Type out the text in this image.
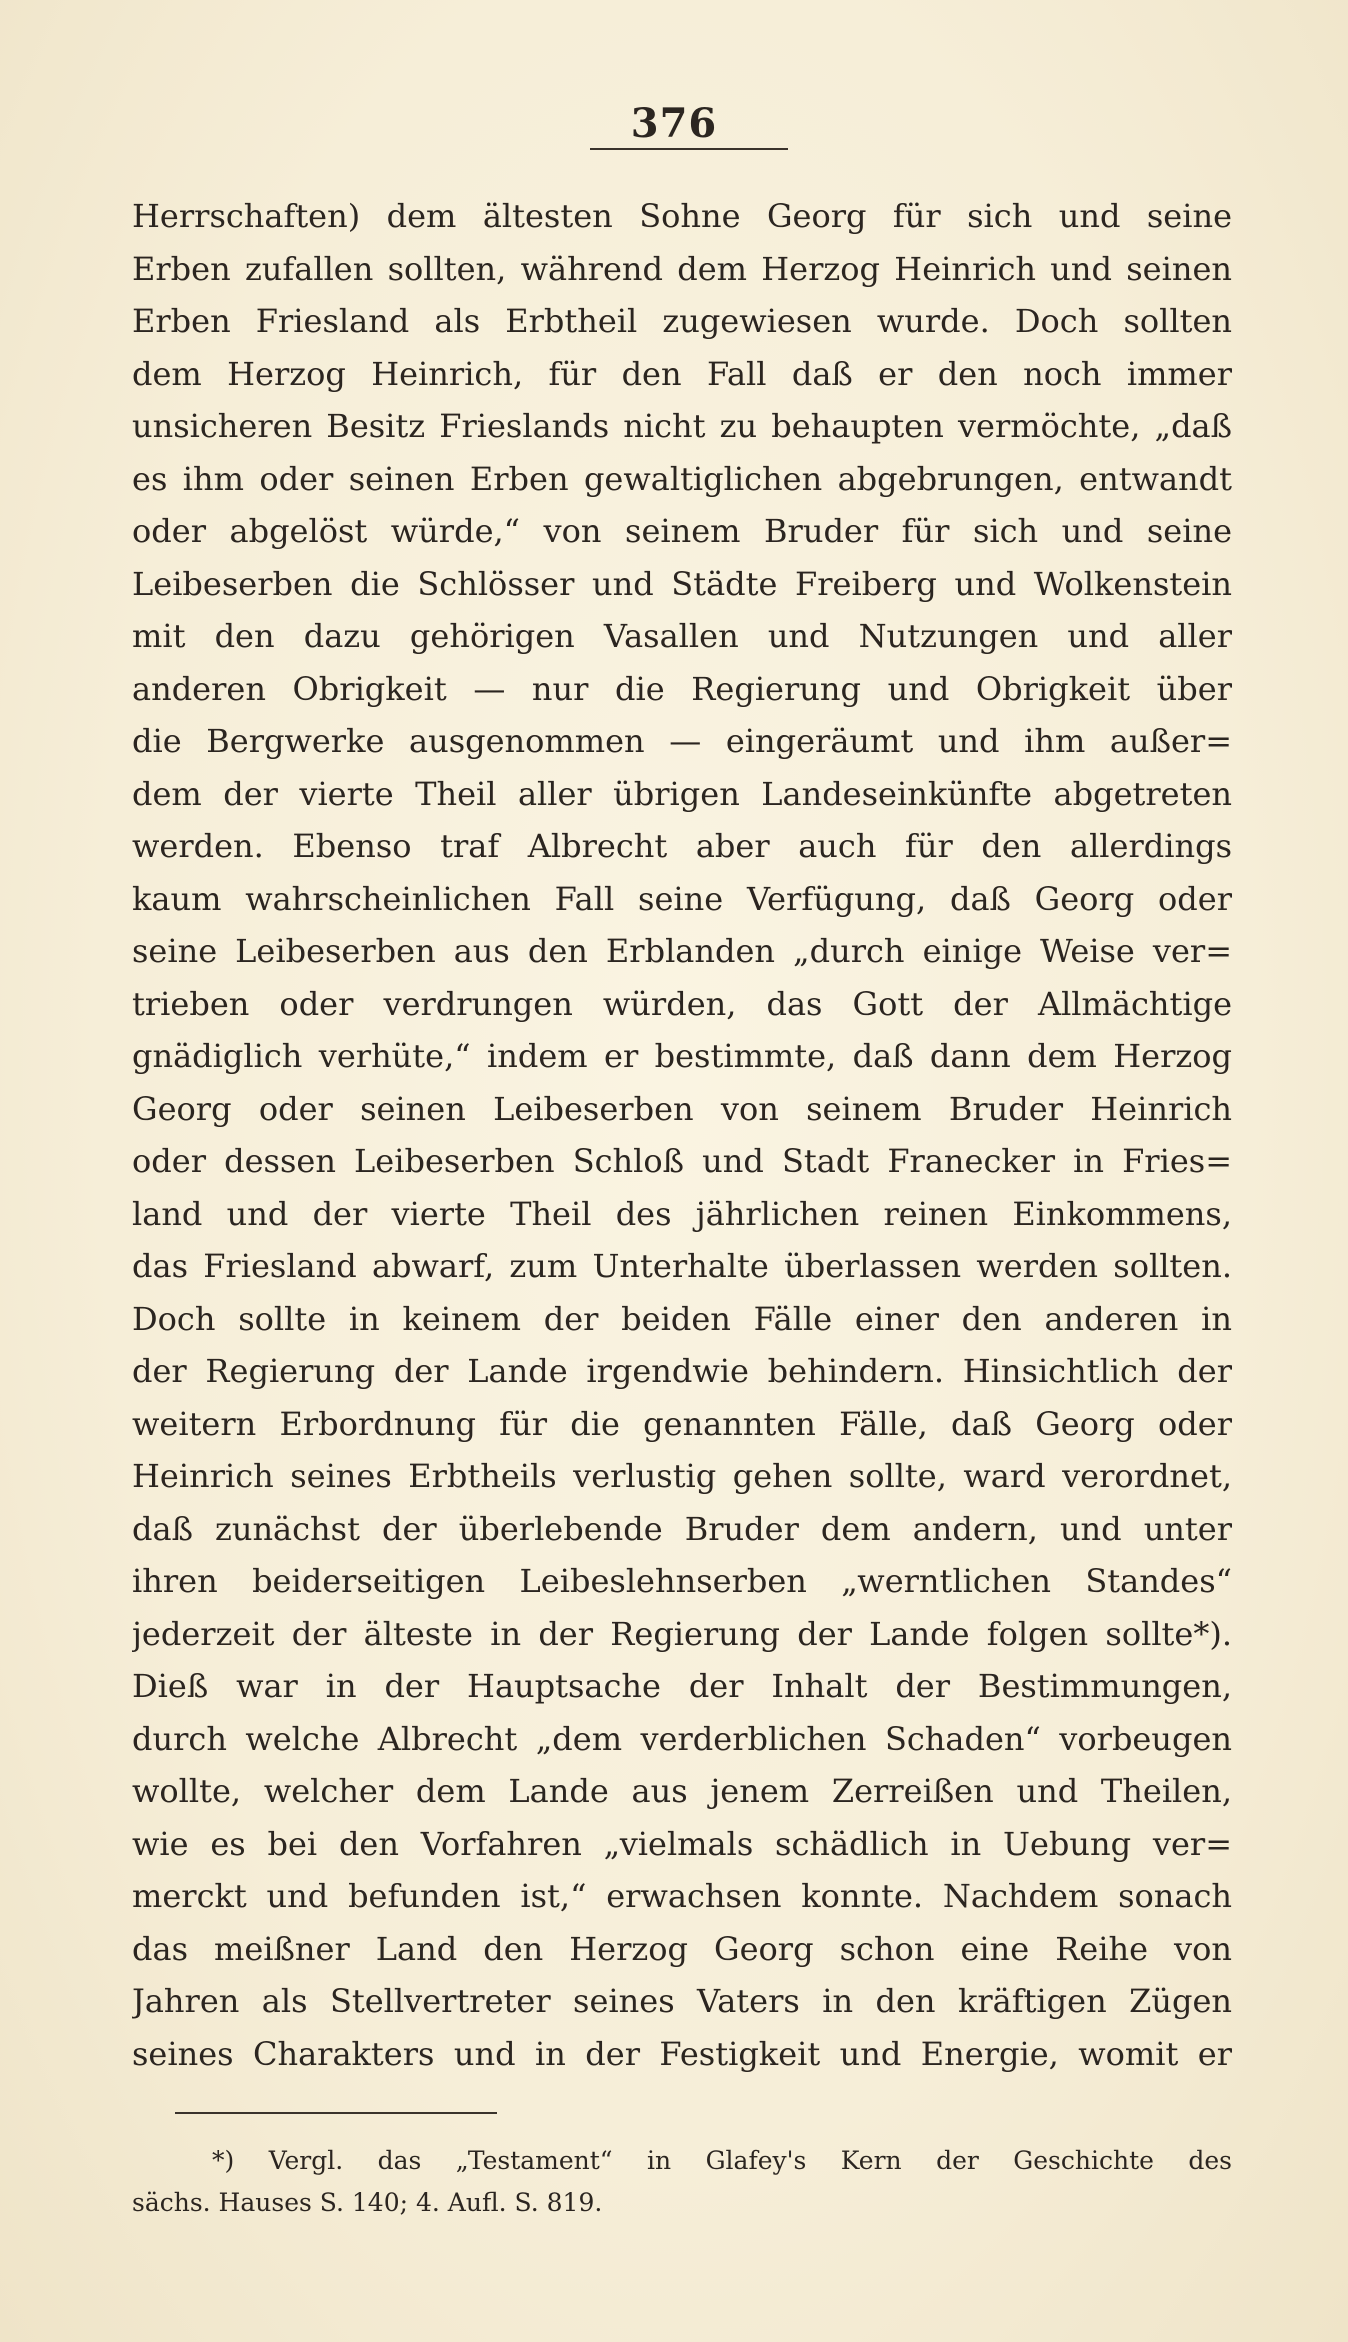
376
Herrschaften) dem ältesten Sohne Georg für sich und seine
Erben zufallen sollten, während dem Herzog Heinrich und seinen
Erben Friesland als Erbtheil zugewiesen wurde. Doch sollten
dem Herzog Heinrich, für den Fall daß er den noch immer
unsicheren Besitz Frieslands nicht zu behaupten vermöchte, „daß
es ihm oder seinen Erben gewaltiglichen abgebrungen, entwandt
oder abgelöst würde,“ von seinem Bruder für sich und seine
Leibeserben die Schlösser und Städte Freiberg und Wolkenstein
mit den dazu gehörigen Vasallen und Nutzungen und aller
anderen Obrigkeit — nur die Regierung und Obrigkeit über
die Bergwerke ausgenommen — eingeräumt und ihm außer=
dem der vierte Theil aller übrigen Landeseinkünfte abgetreten
werden. Ebenso traf Albrecht aber auch für den allerdings
kaum wahrscheinlichen Fall seine Verfügung, daß Georg oder
seine Leibeserben aus den Erblanden „durch einige Weise ver=
trieben oder verdrungen würden, das Gott der Allmächtige
gnädiglich verhüte,“ indem er bestimmte, daß dann dem Herzog
Georg oder seinen Leibeserben von seinem Bruder Heinrich
oder dessen Leibeserben Schloß und Stadt Franecker in Fries=
land und der vierte Theil des jährlichen reinen Einkommens,
das Friesland abwarf, zum Unterhalte überlassen werden sollten.
Doch sollte in keinem der beiden Fälle einer den anderen in
der Regierung der Lande irgendwie behindern. Hinsichtlich der
weitern Erbordnung für die genannten Fälle, daß Georg oder
Heinrich seines Erbtheils verlustig gehen sollte, ward verordnet,
daß zunächst der überlebende Bruder dem andern, und unter
ihren beiderseitigen Leibeslehnserben „werntlichen Standes“
jederzeit der älteste in der Regierung der Lande folgen sollte*).
Dieß war in der Hauptsache der Inhalt der Bestimmungen,
durch welche Albrecht „dem verderblichen Schaden“ vorbeugen
wollte, welcher dem Lande aus jenem Zerreißen und Theilen,
wie es bei den Vorfahren „vielmals schädlich in Uebung ver=
merckt und befunden ist,“ erwachsen konnte. Nachdem sonach
das meißner Land den Herzog Georg schon eine Reihe von
Jahren als Stellvertreter seines Vaters in den kräftigen Zügen
seines Charakters und in der Festigkeit und Energie, womit er
*) Vergl. das „Testament“ in Glafey's Kern der Geschichte des
sächs. Hauses S. 140; 4. Aufl. S. 819.
